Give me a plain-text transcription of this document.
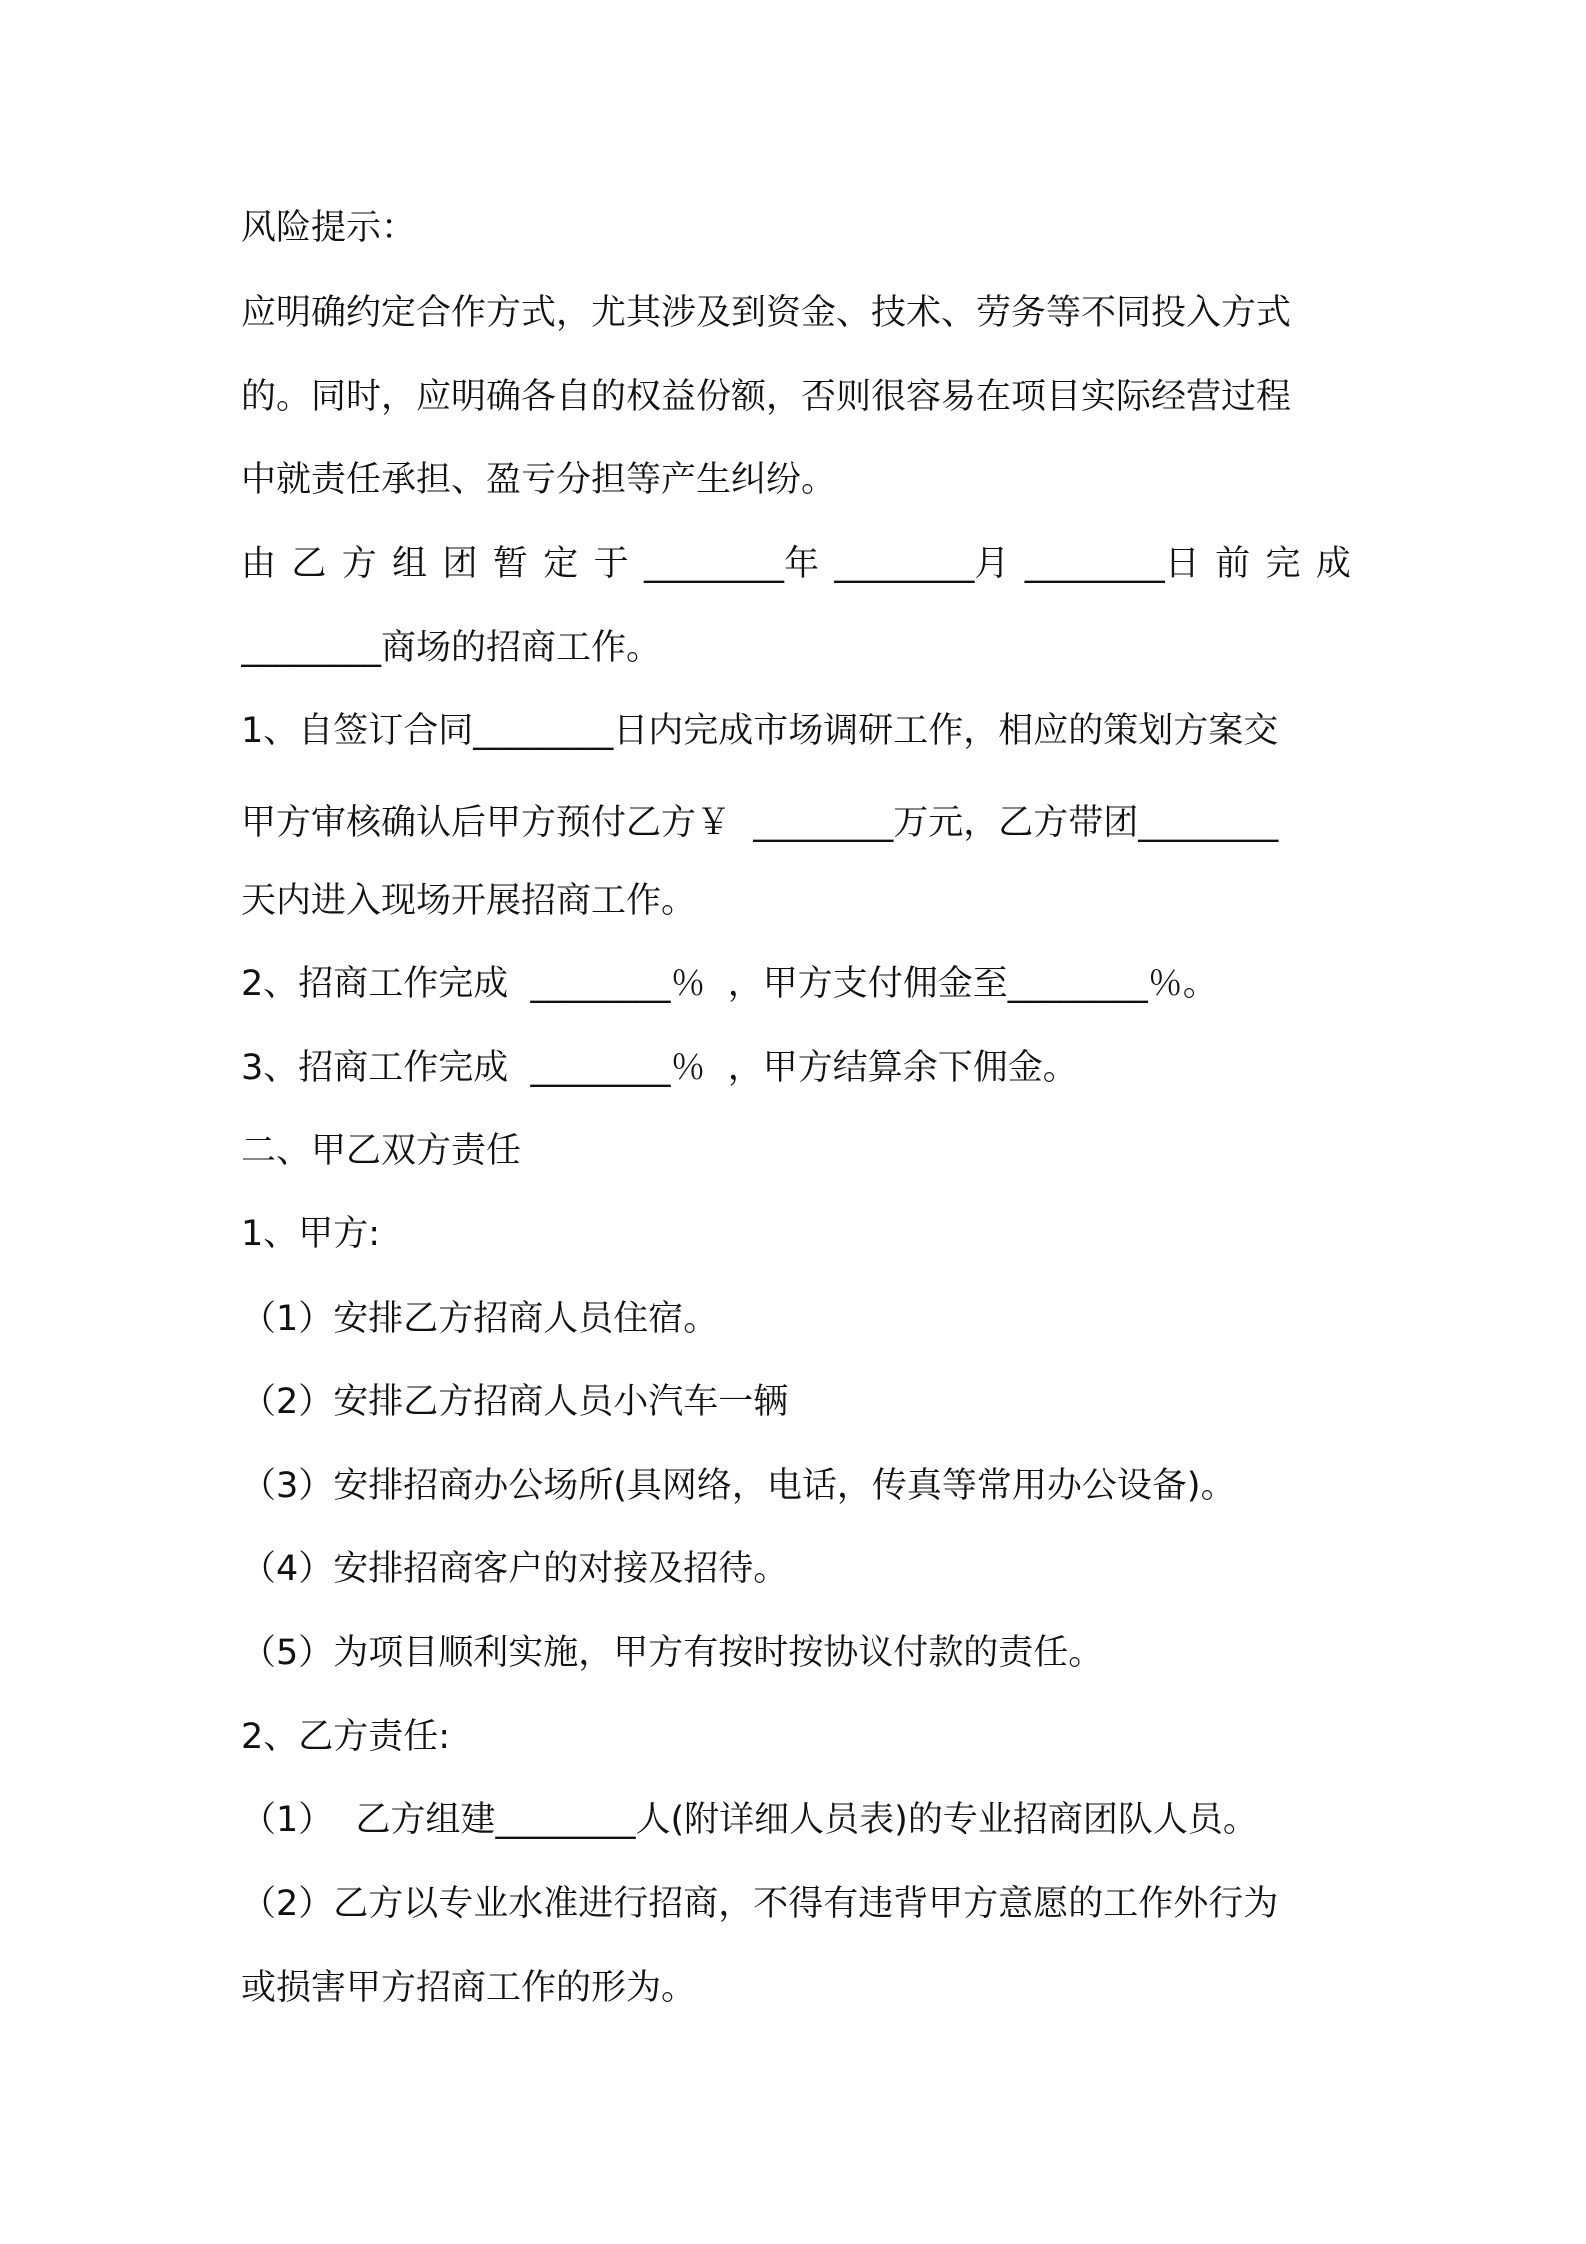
风险提示：
应明确约定合作方式，尤其涉及到资金、技术、劳务等不同投入方式
的。同时，应明确各自的权益份额，否则很容易在项目实际经营过程
中就责任承担、盈亏分担等产生纠纷。
由 乙 方 组 团 暂 定 于 ________年 ________月 ________日 前 完 成
________商场的招商工作。
1、自签订合同________日内完成市场调研工作，相应的策划方案交
甲方审核确认后甲方预付乙方￥  ________万元，乙方带团________
天内进入现场开展招商工作。
2、招商工作完成  ________％  ，甲方支付佣金至________％。
3、招商工作完成  ________％  ，甲方结算余下佣金。
二、甲乙双方责任
1、甲方:
（1）安排乙方招商人员住宿。
（2）安排乙方招商人员小汽车一辆
（3）安排招商办公场所(具网络，电话，传真等常用办公设备)。
（4）安排招商客户的对接及招待。
（5）为项目顺利实施，甲方有按时按协议付款的责任。
2、乙方责任:
（1）  乙方组建________人(附详细人员表)的专业招商团队人员。
（2）乙方以专业水准进行招商，不得有违背甲方意愿的工作外行为
或损害甲方招商工作的形为。
